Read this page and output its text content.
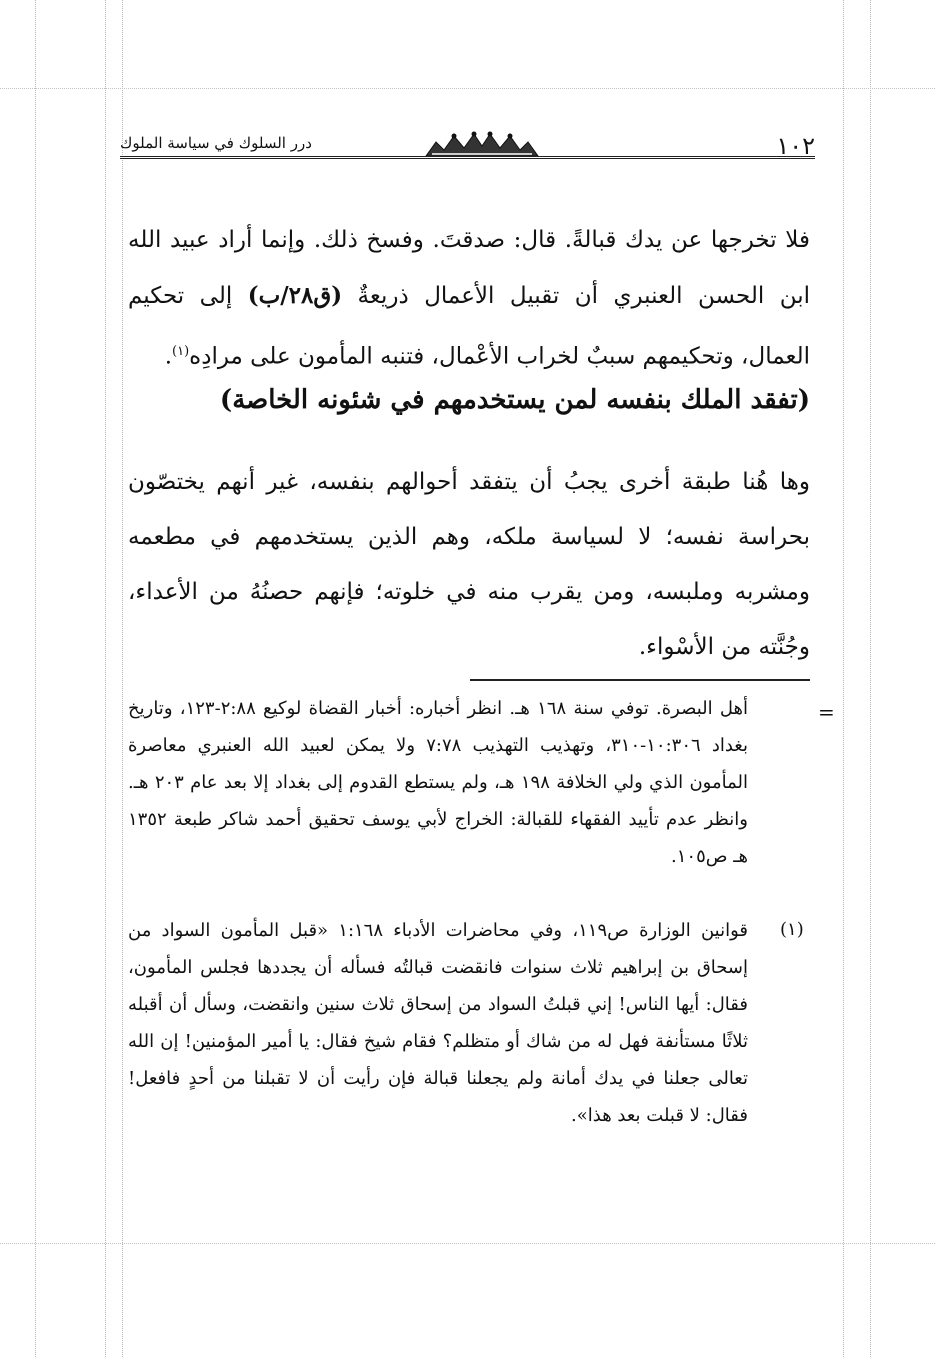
درر السلوك في سياسة الملوك	١٠٢

فلا تخرجها عن يدك قبالةً. قال: صدقتَ. وفسخ ذلك. وإنما أراد عبيد الله ابن الحسن العنبري أن تقبيل الأعمال ذريعةٌ (ق٢٨/ب) إلى تحكيم العمال، وتحكيمهم سببٌ لخراب الأعْمال، فتنبه المأمون على مرادِه$^{(١)}$.

(تفقد الملك بنفسه لمن يستخدمهم في شئونه الخاصة)

وها هُنا طبقة أخرى يجبُ أن يتفقد أحوالهم بنفسه، غير أنهم يختصّون بحراسة نفسه؛ لا لسياسة ملكه، وهم الذين يستخدمهم في مطعمه ومشربه وملبسه، ومن يقرب منه في خلوته؛ فإنهم حصنُهُ من الأعداء، وجُنَّته من الأسْواء.

=

أهل البصرة. توفي سنة ١٦٨ هـ. انظر أخباره: أخبار القضاة لوكيع ٢:٨٨-١٢٣، وتاريخ بغداد ١٠:٣٠٦-٣١٠، وتهذيب التهذيب ٧:٧٨ ولا يمكن لعبيد الله العنبري معاصرة المأمون الذي ولي الخلافة ١٩٨ هـ، ولم يستطع القدوم إلى بغداد إلا بعد عام ٢٠٣ هـ. وانظر عدم تأييد الفقهاء للقبالة: الخراج لأبي يوسف تحقيق أحمد شاكر طبعة ١٣٥٢ هـ ص١٠٥.

(١)

قوانين الوزارة ص١١٩، وفي محاضرات الأدباء ١:١٦٨ «قبل المأمون السواد من إسحاق بن إبراهيم ثلاث سنوات فانقضت قبالتُه فسأله أن يجددها فجلس المأمون، فقال: أيها الناس! إني قبلتُ السواد من إسحاق ثلاث سنين وانقضت، وسأل أن أقبله ثلاثًا مستأنفة فهل له من شاك أو متظلم؟ فقام شيخ فقال: يا أمير المؤمنين! إن الله تعالى جعلنا في يدك أمانة ولم يجعلنا قبالة فإن رأيت أن لا تقبلنا من أحدٍ فافعل! فقال: لا قبلت بعد هذا».
